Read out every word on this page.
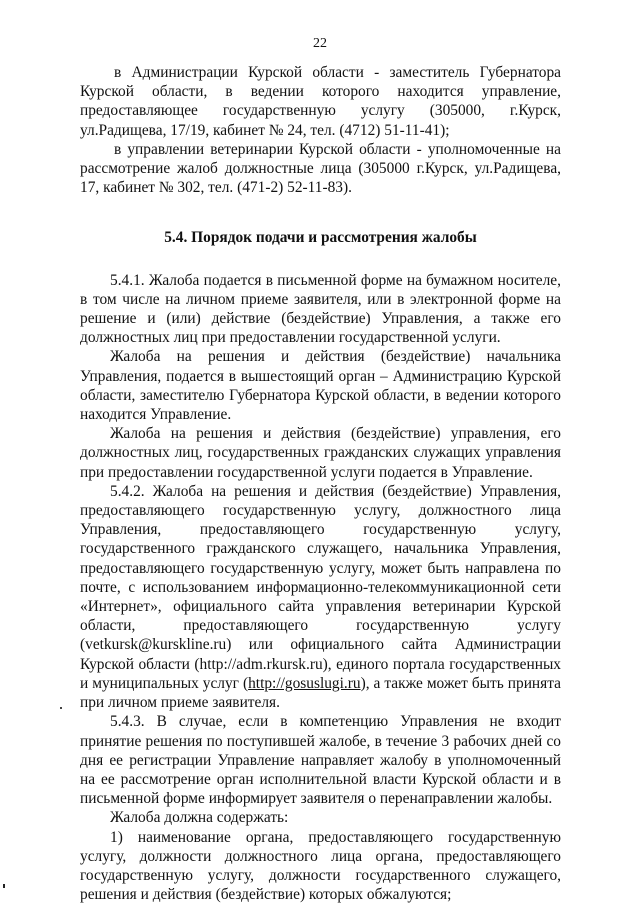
22

в Администрации Курской области - заместитель Губернатора Курской области, в ведении которого находится управление, предоставляющее государственную услугу (305000, г.Курск, ул.Радищева, 17/19, кабинет № 24, тел. (4712) 51-11-41);

в управлении ветеринарии Курской области - уполномоченные на рассмотрение жалоб должностные лица (305000 г.Курск, ул.Радищева, 17, кабинет № 302, тел. (471-2) 52-11-83).

5.4. Порядок подачи и рассмотрения жалобы

5.4.1. Жалоба подается в письменной форме на бумажном носителе, в том числе на личном приеме заявителя, или в электронной форме на решение и (или) действие (бездействие) Управления, а также его должностных лиц при предоставлении государственной услуги.

Жалоба на решения и действия (бездействие) начальника Управления, подается в вышестоящий орган – Администрацию Курской области, заместителю Губернатора Курской области, в ведении которого находится Управление.

Жалоба на решения и действия (бездействие) управления, его должностных лиц, государственных гражданских служащих управления при предоставлении государственной услуги подается в Управление.

5.4.2. Жалоба на решения и действия (бездействие) Управления, предоставляющего государственную услугу, должностного лица Управления, предоставляющего государственную услугу, государственного гражданского служащего, начальника Управления, предоставляющего государственную услугу, может быть направлена по почте, с использованием информационно-телекоммуникационной сети «Интернет», официального сайта управления ветеринарии Курской области, предоставляющего государственную услугу (vetkursk@kurskline.ru) или официального сайта Администрации Курской области (http://adm.rkursk.ru), единого портала государственных и муниципальных услуг (http://gosuslugi.ru), а также может быть принята при личном приеме заявителя.

5.4.3. В случае, если в компетенцию Управления не входит принятие решения по поступившей жалобе, в течение 3 рабочих дней со дня ее регистрации Управление направляет жалобу в уполномоченный на ее рассмотрение орган исполнительной власти Курской области и в письменной форме информирует заявителя о перенаправлении жалобы.

Жалоба должна содержать:

1) наименование органа, предоставляющего государственную услугу, должности должностного лица органа, предоставляющего государственную услугу, должности государственного служащего, решения и действия (бездействие) которых обжалуются;
